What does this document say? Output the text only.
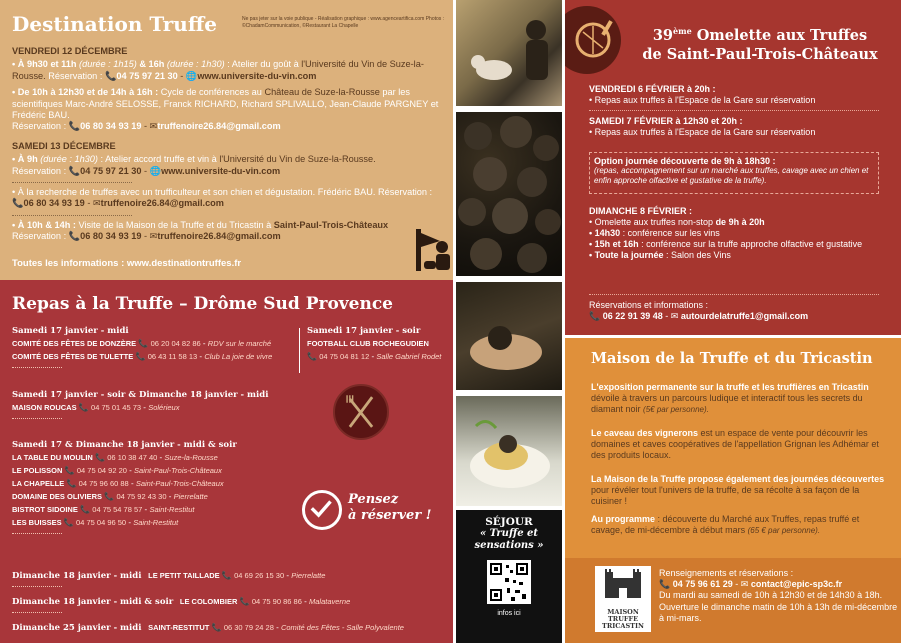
Destination Truffe	Ne pas jeter sur la voie publique - Réalisation graphique : www.agenceartifica.com Photos : ©ChadamCommunication, ©Restaurant La Chapelle
VENDREDI 12 DÉCEMBRE
• À 9h30 et 11h (durée : 1h15) & 16h (durée : 1h30) : Atelier du goût à l'Université du Vin de Suze-la-Rousse. Réservation : 📞04 75 97 21 30 - 🌐www.universite-du-vin.com
• De 10h à 12h30 et de 14h à 16h : Cycle de conférences au Château de Suze-la-Rousse par les scientifiques Marc-André SELOSSE, Franck RICHARD, Richard SPLIVALLO, Jean-Claude PARGNEY et Frédéric BAU.
Réservation : 📞06 80 34 93 19 - ✉truffenoire26.84@gmail.com
SAMEDI 13 DÉCEMBRE
• À 9h (durée : 1h30) : Atelier accord truffe et vin à l'Université du Vin de Suze-la-Rousse.
Réservation : 📞04 75 97 21 30 - 🌐www.universite-du-vin.com
• À la recherche de truffes avec un trufficulteur et son chien et dégustation. Frédéric BAU. Réservation : 📞06 80 34 93 19 - ✉truffenoire26.84@gmail.com
• À 10h & 14h : Visite de la Maison de la Truffe et du Tricastin à Saint-Paul-Trois-Châteaux
Réservation : 📞06 80 34 93 19 - ✉truffenoire26.84@gmail.com
Toutes les informations : www.destinationtruffes.fr
Repas à la Truffe – Drôme Sud Provence
Samedi 17 janvier - midi
COMITÉ DES FÊTES DE DONZÈRE 📞 06 20 04 82 86 - RDV sur le marché
COMITÉ DES FÊTES DE TULETTE 📞 06 43 11 58 13 - Club La joie de vivre
Samedi 17 janvier - soir
FOOTBALL CLUB ROCHEGUDIEN
📞 04 75 04 81 12 - Salle Gabriel Rodet
Samedi 17 janvier - soir & Dimanche 18 janvier - midi
MAISON ROUCAS 📞 04 75 01 45 73 - Solérieux
Samedi 17 & Dimanche 18 janvier - midi & soir
LA TABLE DU MOULIN 📞 06 10 38 47 40 - Suze-la-Rousse
LE POLISSON 📞 04 75 04 92 20 - Saint-Paul-Trois-Châteaux
LA CHAPELLE 📞 04 75 96 60 88 - Saint-Paul-Trois-Châteaux
DOMAINE DES OLIVIERS 📞 04 75 92 43 30 - Pierrelatte
BISTROT SIDOINE 📞 04 75 54 78 57 - Saint-Restitut
LES BUISSES 📞 04 75 04 96 50 - Saint-Restitut
Pensez
à réserver !
Dimanche 18 janvier - midi LE PETIT TAILLADE 📞 04 69 26 15 30 - Pierrelatte
Dimanche 18 janvier - midi & soir LE COLOMBIER 📞 04 75 90 86 86 - Malataverne
Dimanche 25 janvier - midi SAINT-RESTITUT 📞 06 30 79 24 28 - Comité des Fêtes - Salle Polyvalente
SÉJOUR
« Truffe et
sensations »
infos ici
39ème Omelette aux Truffes
de Saint-Paul-Trois-Châteaux
VENDREDI 6 FÉVRIER à 20h :
• Repas aux truffes à l'Espace de la Gare sur réservation
SAMEDI 7 FÉVRIER à 12h30 et 20h :
• Repas aux truffes à l'Espace de la Gare sur réservation
Option journée découverte de 9h à 18h30 :
(repas, accompagnement sur un marché aux truffes, cavage avec un chien et enfin approche olfactive et gustative de la truffe).
DIMANCHE 8 FÉVRIER :
• Omelette aux truffes non-stop de 9h à 20h
• 14h30 : conférence sur les vins
• 15h et 16h : conférence sur la truffe approche olfactive et gustative
• Toute la journée : Salon des Vins
Réservations et informations :
📞 06 22 91 39 48 - ✉ autourdelatruffe1@gmail.com
Maison de la Truffe et du Tricastin
L'exposition permanente sur la truffe et les truffières en Tricastin dévoile à travers un parcours ludique et interactif tous les secrets du diamant noir (5€ par personne).
Le caveau des vignerons est un espace de vente pour découvrir les domaines et caves coopératives de l'appellation Grignan les Adhémar et des produits locaux.
La Maison de la Truffe propose également des journées découvertes pour révéler tout l'univers de la truffe, de sa récolte à sa façon de la cuisiner !
Au programme : découverte du Marché aux Truffes, repas truffé et cavage, de mi-décembre à début mars (65 € par personne).
MAISON
TRUFFE
TRICASTIN
Renseignements et réservations :
📞 04 75 96 61 29 - ✉ contact@epic-sp3c.fr
Du mardi au samedi de 10h à 12h30 et de 14h30 à 18h. Ouverture le dimanche matin de 10h à 13h de mi-décembre à mi-mars.
